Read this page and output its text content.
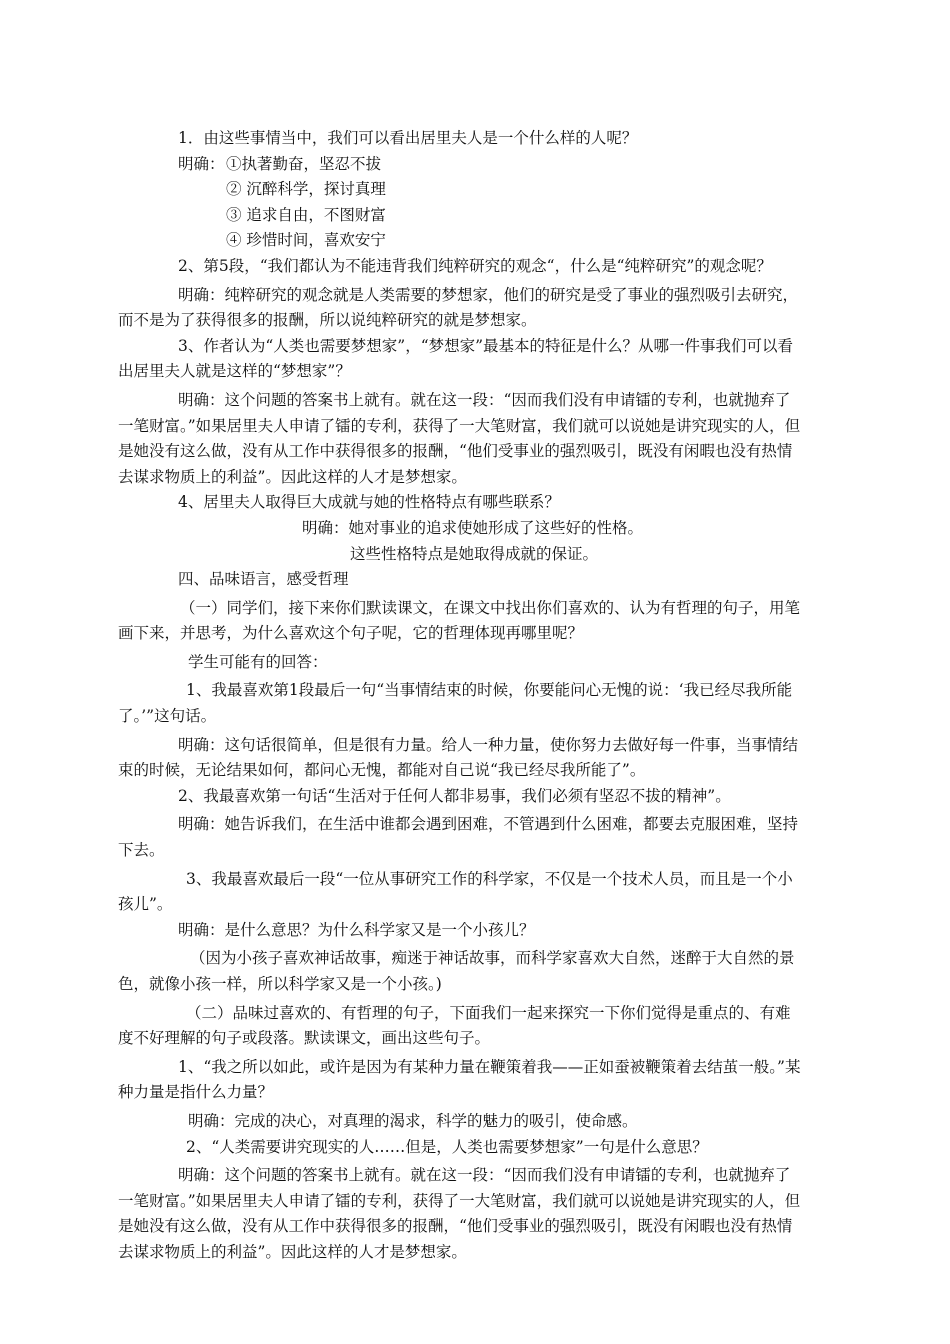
1．由这些事情当中，我们可以看出居里夫人是一个什么样的人呢？

明确： ①执著勤奋，坚忍不拔

② 沉醉科学，探讨真理

③ 追求自由，不图财富

④ 珍惜时间，喜欢安宁

2、第5段，“我们都认为不能违背我们纯粹研究的观念“，什么是“纯粹研究”的观念呢？

明确：纯粹研究的观念就是人类需要的梦想家，他们的研究是受了事业的强烈吸引去研究，而不是为了获得很多的报酬，所以说纯粹研究的就是梦想家。

3、作者认为“人类也需要梦想家”，“梦想家”最基本的特征是什么？从哪一件事我们可以看出居里夫人就是这样的“梦想家”？

明确：这个问题的答案书上就有。就在这一段：“因而我们没有申请镭的专利，也就抛弃了一笔财富。”如果居里夫人申请了镭的专利，获得了一大笔财富，我们就可以说她是讲究现实的人，但是她没有这么做，没有从工作中获得很多的报酬，“他们受事业的强烈吸引，既没有闲暇也没有热情去谋求物质上的利益”。因此这样的人才是梦想家。

4、居里夫人取得巨大成就与她的性格特点有哪些联系？

明确：她对事业的追求使她形成了这些好的性格。

这些性格特点是她取得成就的保证。

四、品味语言，感受哲理

（一）同学们，接下来你们默读课文，在课文中找出你们喜欢的、认为有哲理的句子，用笔画下来，并思考，为什么喜欢这个句子呢，它的哲理体现再哪里呢？

学生可能有的回答：

1、我最喜欢第1段最后一句“当事情结束的时候，你要能问心无愧的说：‘我已经尽我所能了。’”这句话。

明确：这句话很简单，但是很有力量。给人一种力量，使你努力去做好每一件事，当事情结束的时候，无论结果如何，都问心无愧，都能对自己说“我已经尽我所能了”。

2、我最喜欢第一句话“生活对于任何人都非易事，我们必须有坚忍不拔的精神”。

明确：她告诉我们，在生活中谁都会遇到困难，不管遇到什么困难，都要去克服困难，坚持下去。

3、我最喜欢最后一段“一位从事研究工作的科学家，不仅是一个技术人员，而且是一个小孩儿”。

明确：是什么意思？为什么科学家又是一个小孩儿？

（因为小孩子喜欢神话故事，痴迷于神话故事，而科学家喜欢大自然，迷醉于大自然的景色，就像小孩一样，所以科学家又是一个小孩。)

（二）品味过喜欢的、有哲理的句子，下面我们一起来探究一下你们觉得是重点的、有难度不好理解的句子或段落。默读课文，画出这些句子。

1、“我之所以如此，或许是因为有某种力量在鞭策着我——正如蚕被鞭策着去结茧一般。”某种力量是指什么力量？

明确：完成的决心，对真理的渴求，科学的魅力的吸引，使命感。

2、“人类需要讲究现实的人……但是，人类也需要梦想家”一句是什么意思？

明确：这个问题的答案书上就有。就在这一段：“因而我们没有申请镭的专利，也就抛弃了一笔财富。”如果居里夫人申请了镭的专利，获得了一大笔财富，我们就可以说她是讲究现实的人，但是她没有这么做，没有从工作中获得很多的报酬，“他们受事业的强烈吸引，既没有闲暇也没有热情去谋求物质上的利益”。因此这样的人才是梦想家。
